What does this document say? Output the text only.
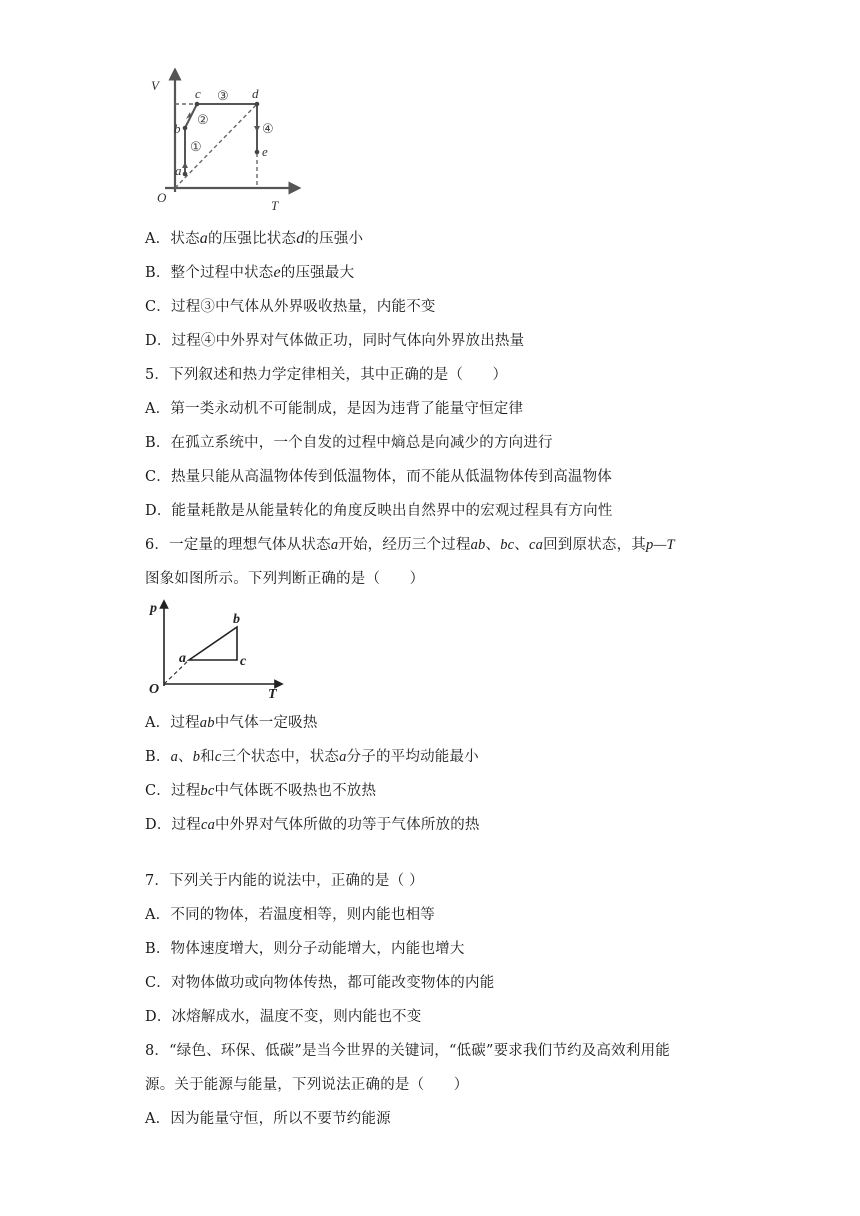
V
T
O
a
b
c	d
e
①
②
③
④
A．状态a的压强比状态d的压强小
B．整个过程中状态e的压强最大
C．过程③中气体从外界吸收热量，内能不变
D．过程④中外界对气体做正功，同时气体向外界放出热量
5．下列叙述和热力学定律相关，其中正确的是（　　）
A．第一类永动机不可能制成，是因为违背了能量守恒定律
B．在孤立系统中，一个自发的过程中熵总是向减少的方向进行
C．热量只能从高温物体传到低温物体，而不能从低温物体传到高温物体
D．能量耗散是从能量转化的角度反映出自然界中的宏观过程具有方向性
6．一定量的理想气体从状态a开始，经历三个过程ab、bc、ca回到原状态，其p—T
图象如图所示。下列判断正确的是（　　）
p
T
O
a
b
c
A．过程ab中气体一定吸热
B．a、b和c三个状态中，状态a分子的平均动能最小
C．过程bc中气体既不吸热也不放热
D．过程ca中外界对气体所做的功等于气体所放的热
7．下列关于内能的说法中，正确的是（ ）
A．不同的物体，若温度相等，则内能也相等
B．物体速度增大，则分子动能增大，内能也增大
C．对物体做功或向物体传热，都可能改变物体的内能
D．冰熔解成水，温度不变，则内能也不变
8．“绿色、环保、低碳”是当今世界的关键词，“低碳”要求我们节约及高效利用能
源。关于能源与能量，下列说法正确的是（　　）
A．因为能量守恒，所以不要节约能源
